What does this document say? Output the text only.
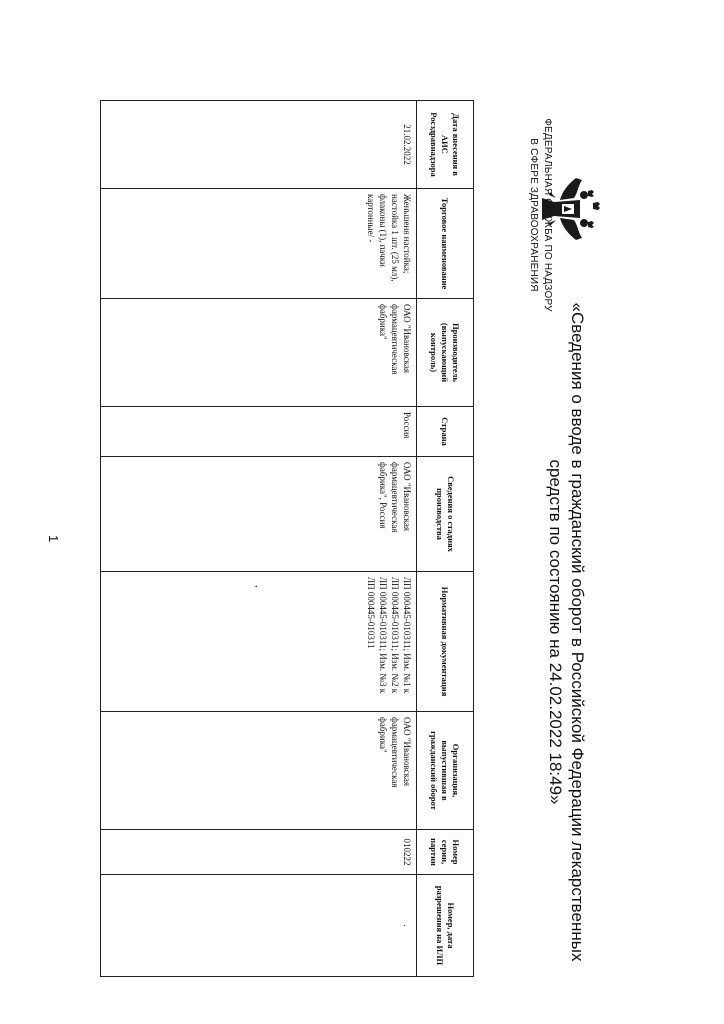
ФЕДЕРАЛЬНАЯ СЛУЖБА ПО НАДЗОРУ
В СФЕРЕ ЗДРАВООХРАНЕНИЯ
«Сведения о вводе в гражданский оборот в Российской Федерации лекарственных
средств по состоянию на 24.02.2022 18:49»
Дата внесения в АИС Росздравнадзора	Торговое наименование	Производитель (выпускающий контроль)	Страна	Сведения о стадиях производства	Нормативная документация	Организация, выпустившая в гражданский оборот	Номер серии, партии	Номер, дата разрешения на ИЛП
21.02.2022	Женьшеня настойка; настойка 1 шт. (25 мл), флаконы (1), пачки картонные/ -	ОАО "Ивановская фармацевтическая фабрика"	Россия	ОАО "Ивановская фармацевтическая фабрика", Россия	ЛП 000445-010311; Изм. №1 к ЛП 000445-010311; Изм. №2 к ЛП 000445-010311; Изм. №3 к ЛП 000445-010311	ОАО "Ивановская фармацевтическая фабрика"	010222	.
,
1
